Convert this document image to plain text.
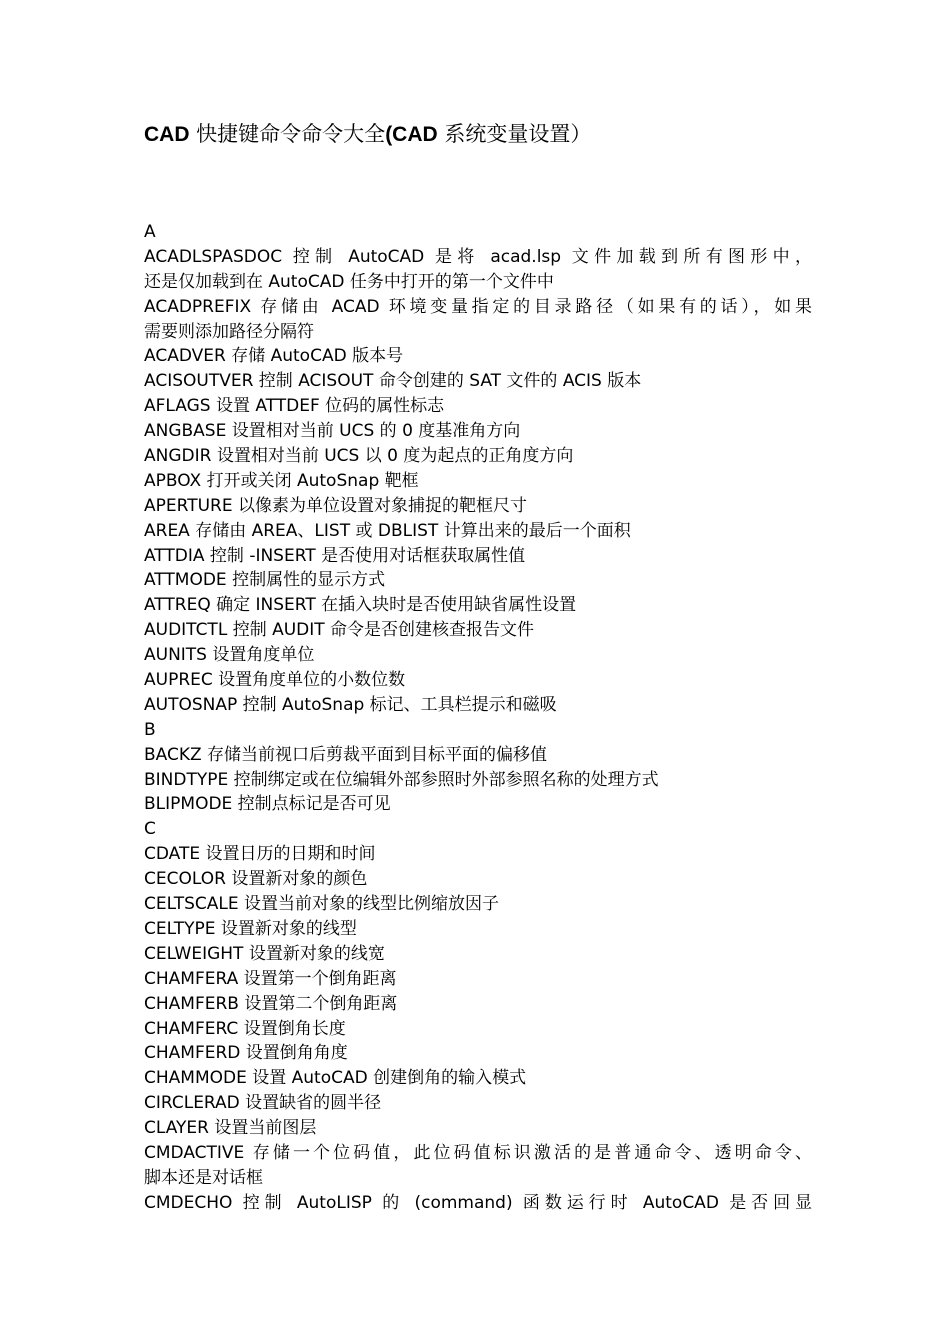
CAD 快捷键命令命令大全(CAD 系统变量设置）
A
ACADLSPASDOC 控制 AutoCAD 是将 acad.lsp 文件加载到所有图形中，
还是仅加载到在 AutoCAD 任务中打开的第一个文件中
ACADPREFIX 存储由 ACAD 环境变量指定的目录路径（如果有的话），如果
需要则添加路径分隔符
ACADVER 存储 AutoCAD 版本号
ACISOUTVER 控制 ACISOUT 命令创建的 SAT 文件的 ACIS 版本
AFLAGS 设置 ATTDEF 位码的属性标志
ANGBASE 设置相对当前 UCS 的 0 度基准角方向
ANGDIR 设置相对当前 UCS 以 0 度为起点的正角度方向
APBOX 打开或关闭 AutoSnap 靶框
APERTURE 以像素为单位设置对象捕捉的靶框尺寸
AREA 存储由 AREA、LIST 或 DBLIST 计算出来的最后一个面积
ATTDIA 控制 -INSERT 是否使用对话框获取属性值
ATTMODE 控制属性的显示方式
ATTREQ 确定 INSERT 在插入块时是否使用缺省属性设置
AUDITCTL 控制 AUDIT 命令是否创建核查报告文件
AUNITS 设置角度单位
AUPREC 设置角度单位的小数位数
AUTOSNAP 控制 AutoSnap 标记、工具栏提示和磁吸
B
BACKZ 存储当前视口后剪裁平面到目标平面的偏移值
BINDTYPE 控制绑定或在位编辑外部参照时外部参照名称的处理方式
BLIPMODE 控制点标记是否可见
C
CDATE 设置日历的日期和时间
CECOLOR 设置新对象的颜色
CELTSCALE 设置当前对象的线型比例缩放因子
CELTYPE 设置新对象的线型
CELWEIGHT 设置新对象的线宽
CHAMFERA 设置第一个倒角距离
CHAMFERB 设置第二个倒角距离
CHAMFERC 设置倒角长度
CHAMFERD 设置倒角角度
CHAMMODE 设置 AutoCAD 创建倒角的输入模式
CIRCLERAD 设置缺省的圆半径
CLAYER 设置当前图层
CMDACTIVE 存储一个位码值，此位码值标识激活的是普通命令、透明命令、
脚本还是对话框
CMDECHO 控制 AutoLISP 的 (command) 函数运行时 AutoCAD 是否回显
